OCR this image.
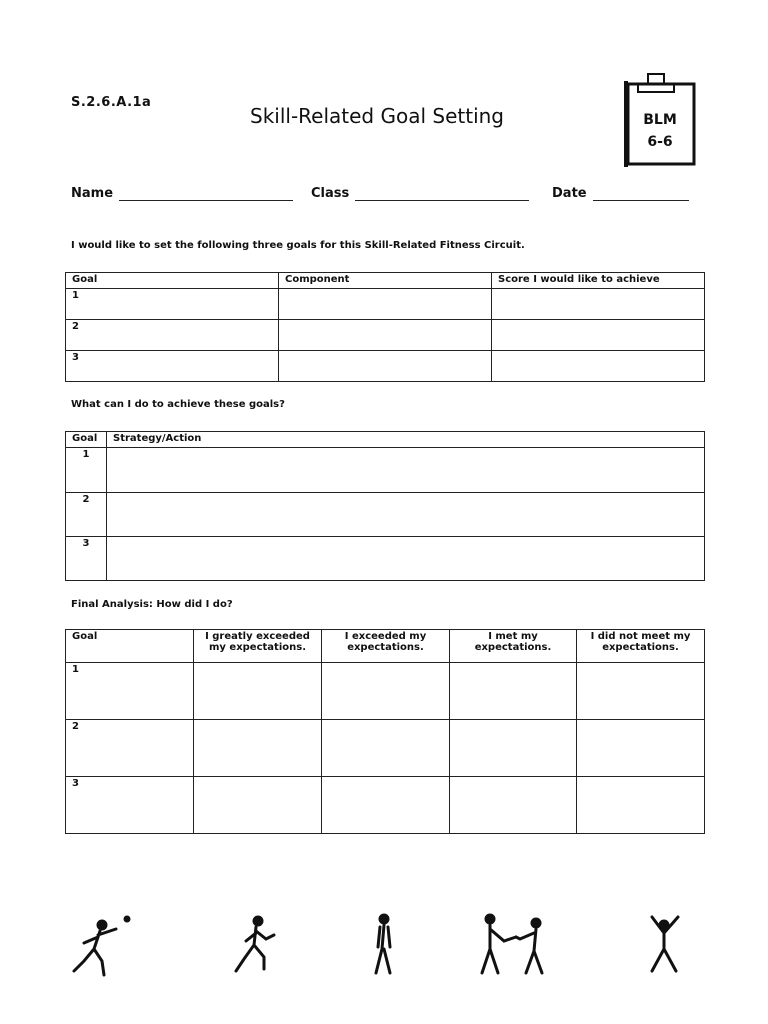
S.2.6.A.1a
Skill-Related Goal Setting	BLM
6-6
Name	Class	Date
I would like to set the following three goals for this Skill-Related Fitness Circuit.
Goal	Component	Score I would like to achieve
1		
2		
3		
What can I do to achieve these goals?
Goal	Strategy/Action
1	
2	
3	
Final Analysis: How did I do?
Goal	I greatly exceeded my expectations.	I exceeded my expectations.	I met my expectations.	I did not meet my expectations.
1				
2				
3				
